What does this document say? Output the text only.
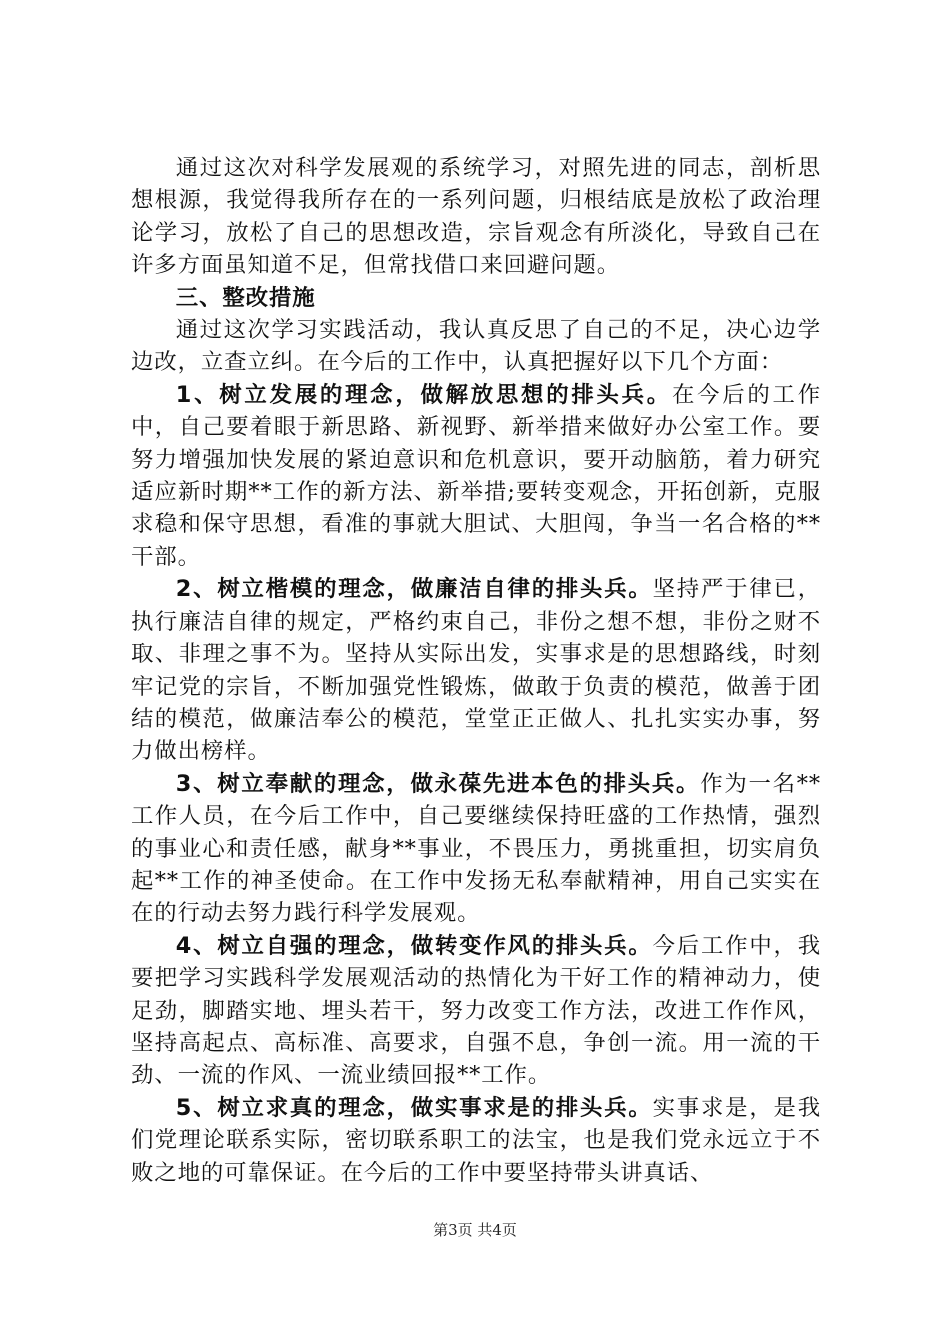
通过这次对科学发展观的系统学习，对照先进的同志，剖析思想根源，我觉得我所存在的一系列问题，归根结底是放松了政治理论学习，放松了自己的思想改造，宗旨观念有所淡化，导致自己在许多方面虽知道不足，但常找借口来回避问题。

三、整改措施

通过这次学习实践活动，我认真反思了自己的不足，决心边学边改，立查立纠。在今后的工作中，认真把握好以下几个方面：

1、树立发展的理念，做解放思想的排头兵。在今后的工作中，自己要着眼于新思路、新视野、新举措来做好办公室工作。要努力增强加快发展的紧迫意识和危机意识，要开动脑筋，着力研究适应新时期**工作的新方法、新举措;要转变观念，开拓创新，克服求稳和保守思想，看准的事就大胆试、大胆闯，争当一名合格的**干部。

2、树立楷模的理念，做廉洁自律的排头兵。坚持严于律已，执行廉洁自律的规定，严格约束自己，非份之想不想，非份之财不取、非理之事不为。坚持从实际出发，实事求是的思想路线，时刻牢记党的宗旨，不断加强党性锻炼，做敢于负责的模范，做善于团结的模范，做廉洁奉公的模范，堂堂正正做人、扎扎实实办事，努力做出榜样。

3、树立奉献的理念，做永葆先进本色的排头兵。作为一名**工作人员，在今后工作中，自己要继续保持旺盛的工作热情，强烈的事业心和责任感，献身**事业，不畏压力，勇挑重担，切实肩负起**工作的神圣使命。在工作中发扬无私奉献精神，用自己实实在在的行动去努力践行科学发展观。

4、树立自强的理念，做转变作风的排头兵。今后工作中，我要把学习实践科学发展观活动的热情化为干好工作的精神动力，使足劲，脚踏实地、埋头若干，努力改变工作方法，改进工作作风，坚持高起点、高标准、高要求，自强不息，争创一流。用一流的干劲、一流的作风、一流业绩回报**工作。

5、树立求真的理念，做实事求是的排头兵。实事求是，是我们党理论联系实际，密切联系职工的法宝，也是我们党永远立于不败之地的可靠保证。在今后的工作中要坚持带头讲真话、

第3页 共4页
